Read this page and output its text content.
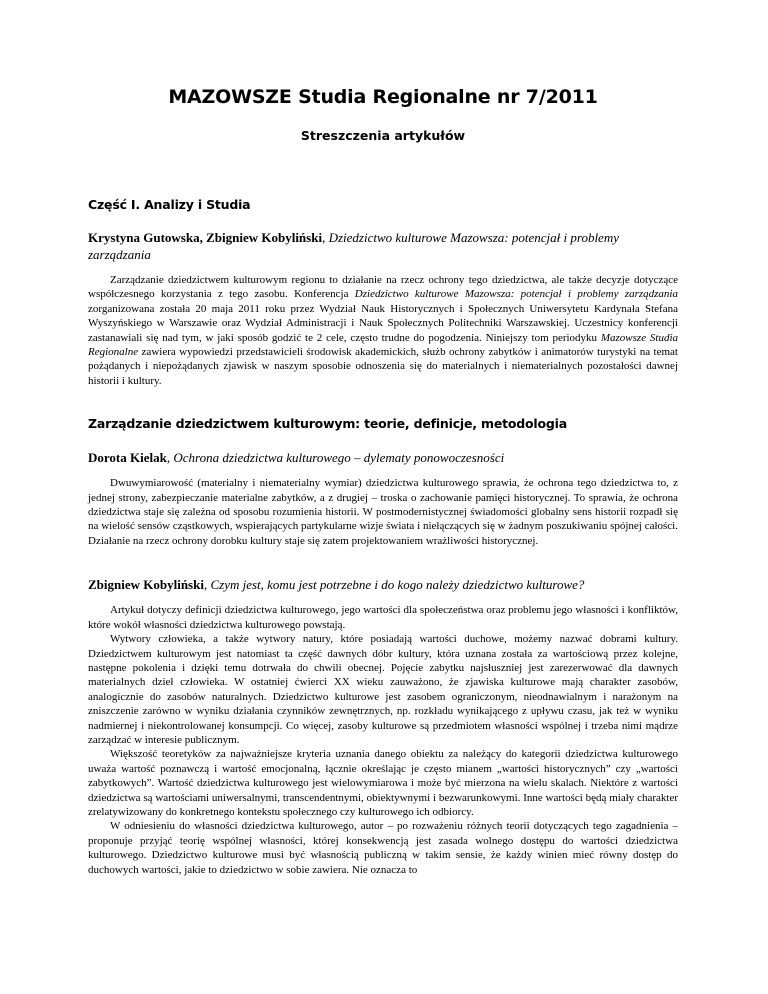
MAZOWSZE Studia Regionalne nr 7/2011
Streszczenia artykułów
Część I. Analizy i Studia

Krystyna Gutowska, Zbigniew Kobyliński, Dziedzictwo kulturowe Mazowsza: potencjał i problemy zarządzania

Zarządzanie dziedzictwem kulturowym regionu to działanie na rzecz ochrony tego dziedzictwa, ale także decyzje dotyczące współczesnego korzystania z tego zasobu. Konferencja Dziedzictwo kulturowe Mazowsza: potencjał i problemy zarządzania zorganizowana została 20 maja 2011 roku przez Wydział Nauk Historycznych i Społecznych Uniwersytetu Kardynała Stefana Wyszyńskiego w Warszawie oraz Wydział Administracji i Nauk Społecznych Politechniki Warszawskiej. Uczestnicy konferencji zastanawiali się nad tym, w jaki sposób godzić te 2 cele, często trudne do pogodzenia. Niniejszy tom periodyku Mazowsze Studia Regionalne zawiera wypowiedzi przedstawicieli środowisk akademickich, służb ochrony zabytków i animatorów turystyki na temat pożądanych i niepożądanych zjawisk w naszym sposobie odnoszenia się do materialnych i niematerialnych pozostałości dawnej historii i kultury.

Zarządzanie dziedzictwem kulturowym: teorie, definicje, metodologia

Dorota Kielak, Ochrona dziedzictwa kulturowego – dylematy ponowoczesności

Dwuwymiarowość (materialny i niematerialny wymiar) dziedzictwa kulturowego sprawia, że ochrona tego dziedzictwa to, z jednej strony, zabezpieczanie materialne zabytków, a z drugiej – troska o zachowanie pamięci historycznej. To sprawia, że ochrona dziedzictwa staje się zależna od sposobu rozumienia historii. W postmodernistycznej świadomości globalny sens historii rozpadł się na wielość sensów cząstkowych, wspierających partykularne wizje świata i niełączących się w żadnym poszukiwaniu spójnej całości. Działanie na rzecz ochrony dorobku kultury staje się zatem projektowaniem wrażliwości historycznej.

Zbigniew Kobyliński, Czym jest, komu jest potrzebne i do kogo należy dziedzictwo kulturowe?

Artykuł dotyczy definicji dziedzictwa kulturowego, jego wartości dla społeczeństwa oraz problemu jego własności i konfliktów, które wokół własności dziedzictwa kulturowego powstają.

Wytwory człowieka, a także wytwory natury, które posiadają wartości duchowe, możemy nazwać dobrami kultury. Dziedzictwem kulturowym jest natomiast ta część dawnych dóbr kultury, która uznana została za wartościową przez kolejne, następne pokolenia i dzięki temu dotrwała do chwili obecnej. Pojęcie zabytku najsłuszniej jest zarezerwować dla dawnych materialnych dzieł człowieka. W ostatniej ćwierci XX wieku zauważono, że zjawiska kulturowe mają charakter zasobów, analogicznie do zasobów naturalnych. Dziedzictwo kulturowe jest zasobem ograniczonym, nieodnawialnym i narażonym na zniszczenie zarówno w wyniku działania czynników zewnętrznych, np. rozkładu wynikającego z upływu czasu, jak też w wyniku nadmiernej i niekontrolowanej konsumpcji. Co więcej, zasoby kulturowe są przedmiotem własności wspólnej i trzeba nimi mądrze zarządzać w interesie publicznym.

Większość teoretyków za najważniejsze kryteria uznania danego obiektu za należący do kategorii dziedzictwa kulturowego uważa wartość poznawczą i wartość emocjonalną, łącznie określając je często mianem „wartości historycznych” czy „wartości zabytkowych”. Wartość dziedzictwa kulturowego jest wielowymiarowa i może być mierzona na wielu skalach. Niektóre z wartości dziedzictwa są wartościami uniwersalnymi, transcendentnymi, obiektywnymi i bezwarunkowymi. Inne wartości będą miały charakter zrelatywizowany do konkretnego kontekstu społecznego czy kulturowego ich odbiorcy.

W odniesieniu do własności dziedzictwa kulturowego, autor – po rozważeniu różnych teorii dotyczących tego zagadnienia – proponuje przyjąć teorię wspólnej własności, której konsekwencją jest zasada wolnego dostępu do wartości dziedzictwa kulturowego. Dziedzictwo kulturowe musi być własnością publiczną w takim sensie, że każdy winien mieć równy dostęp do duchowych wartości, jakie to dziedzictwo w sobie zawiera. Nie oznacza to
